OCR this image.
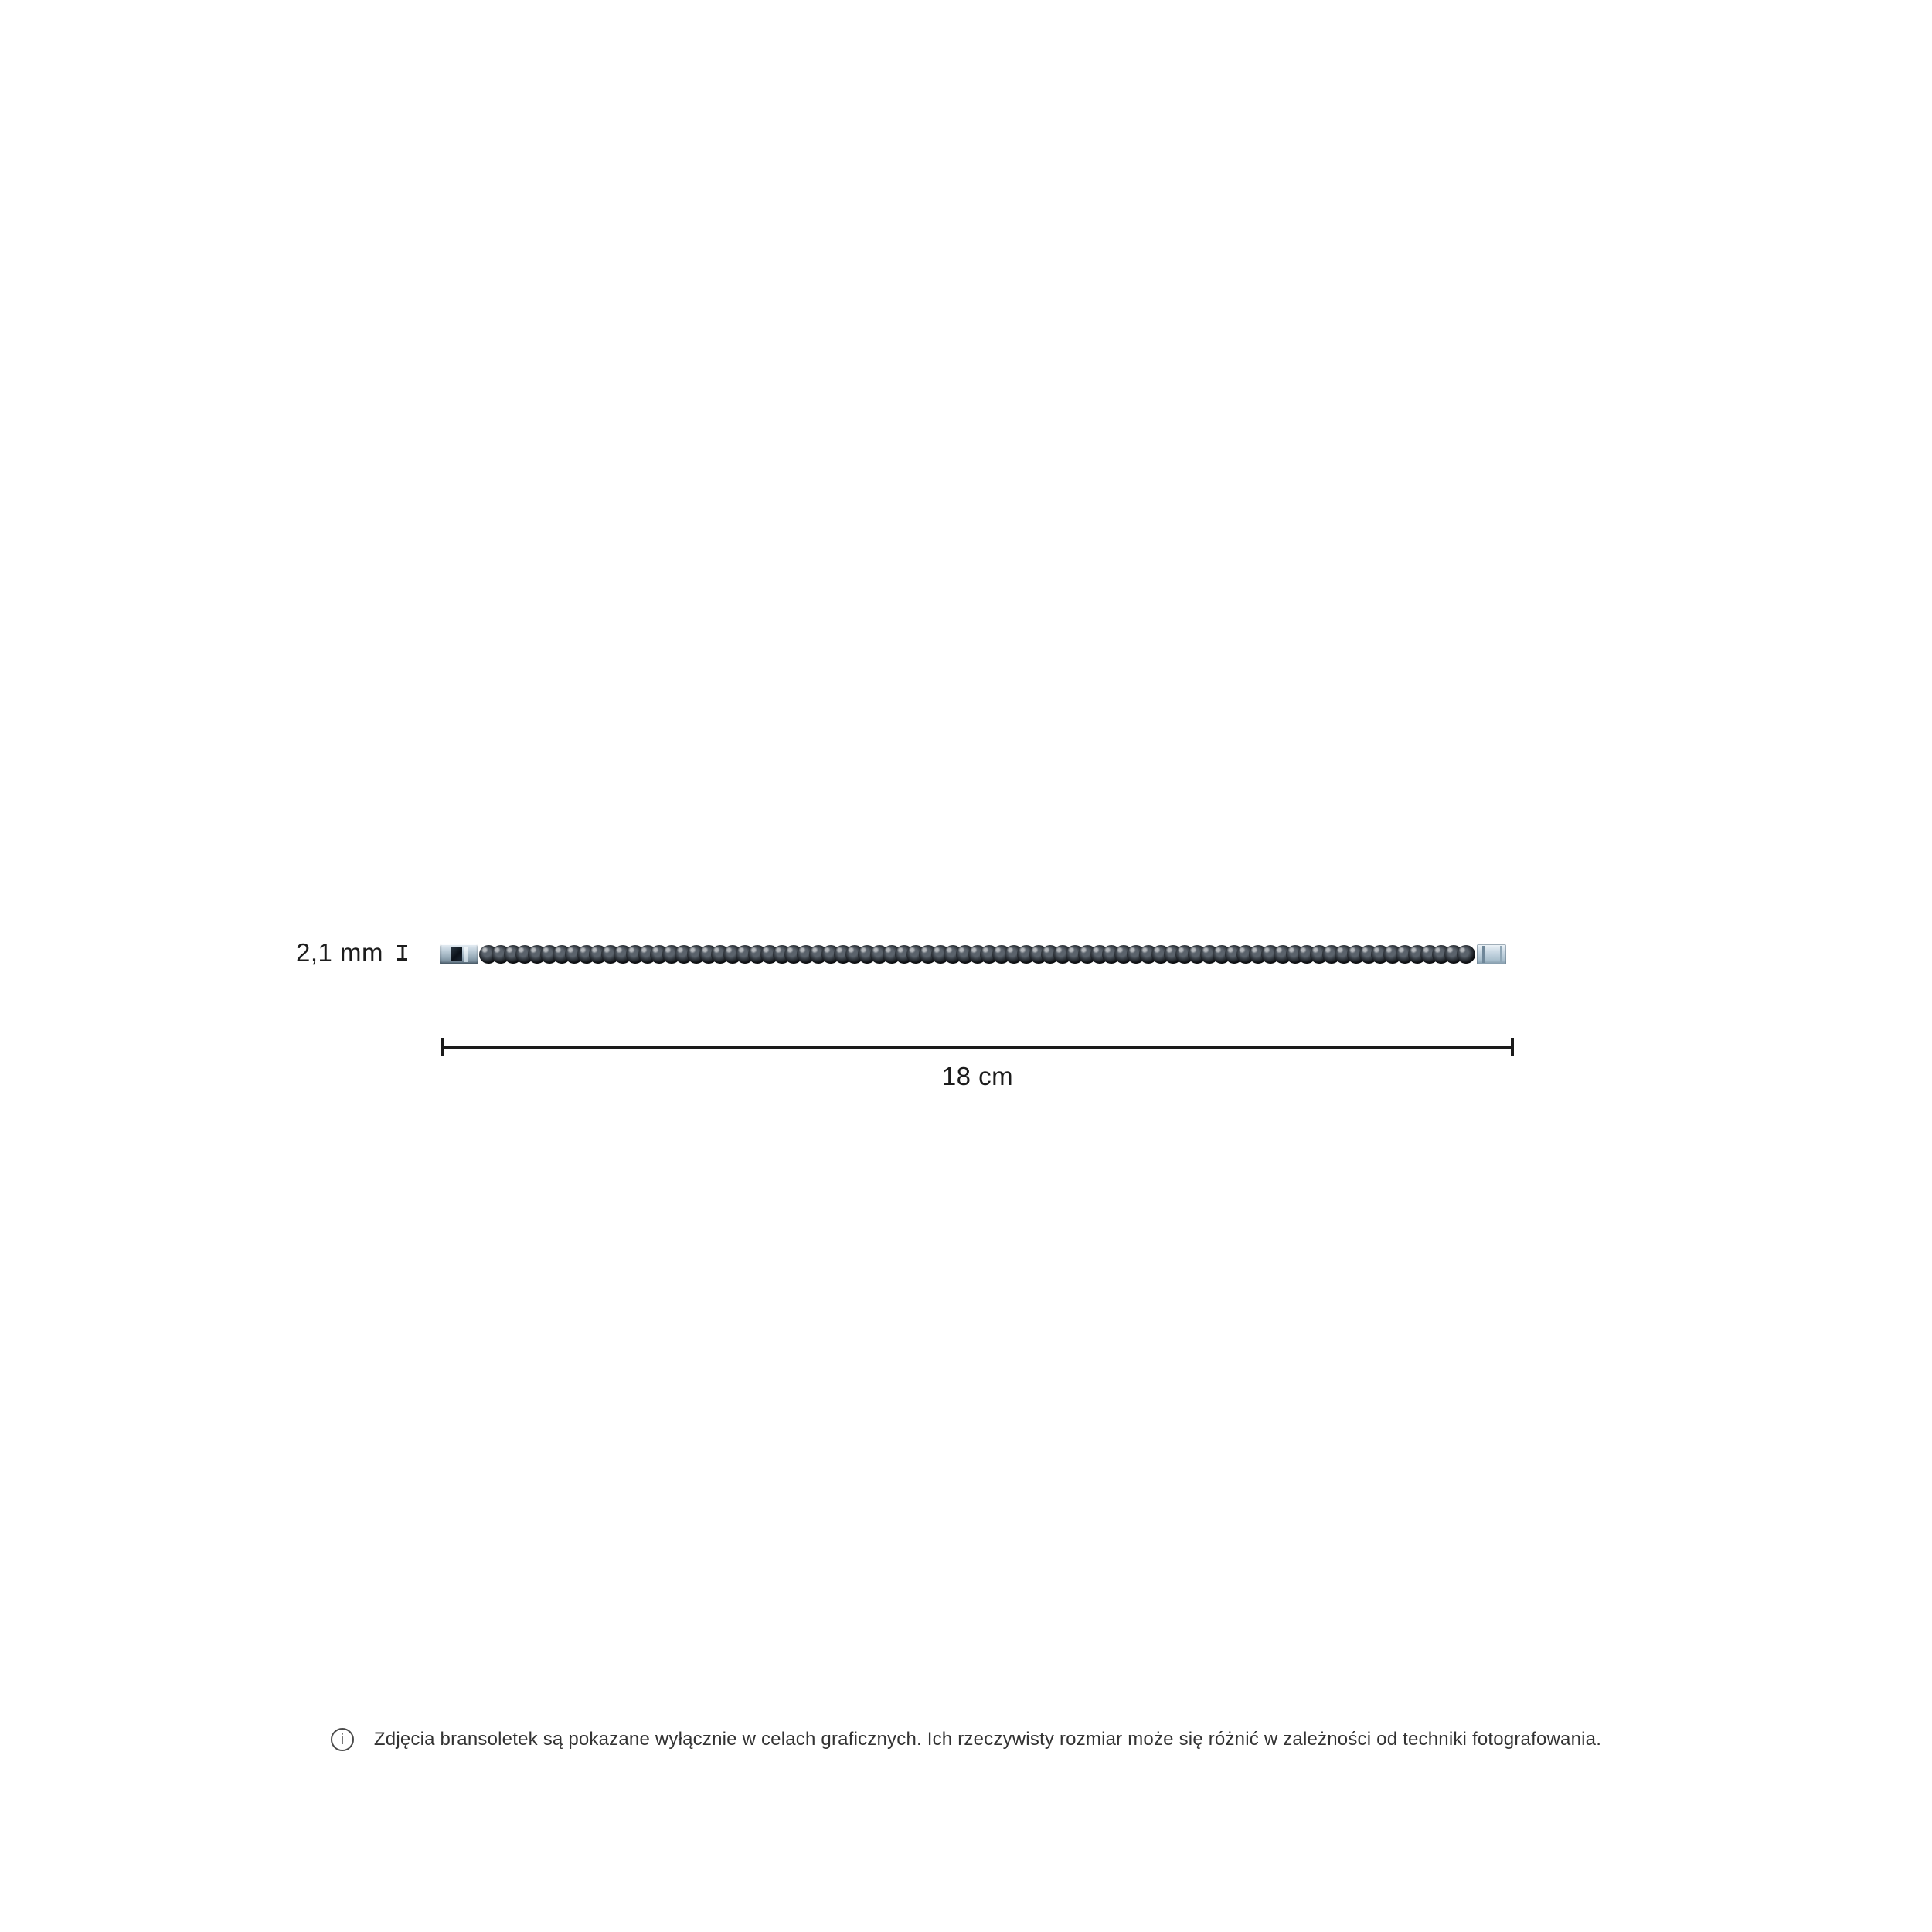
2,1 mm
18 cm
i	Zdjęcia bransoletek są pokazane wyłącznie w celach graficznych. Ich rzeczywisty rozmiar może się różnić w zależności od techniki fotografowania.
